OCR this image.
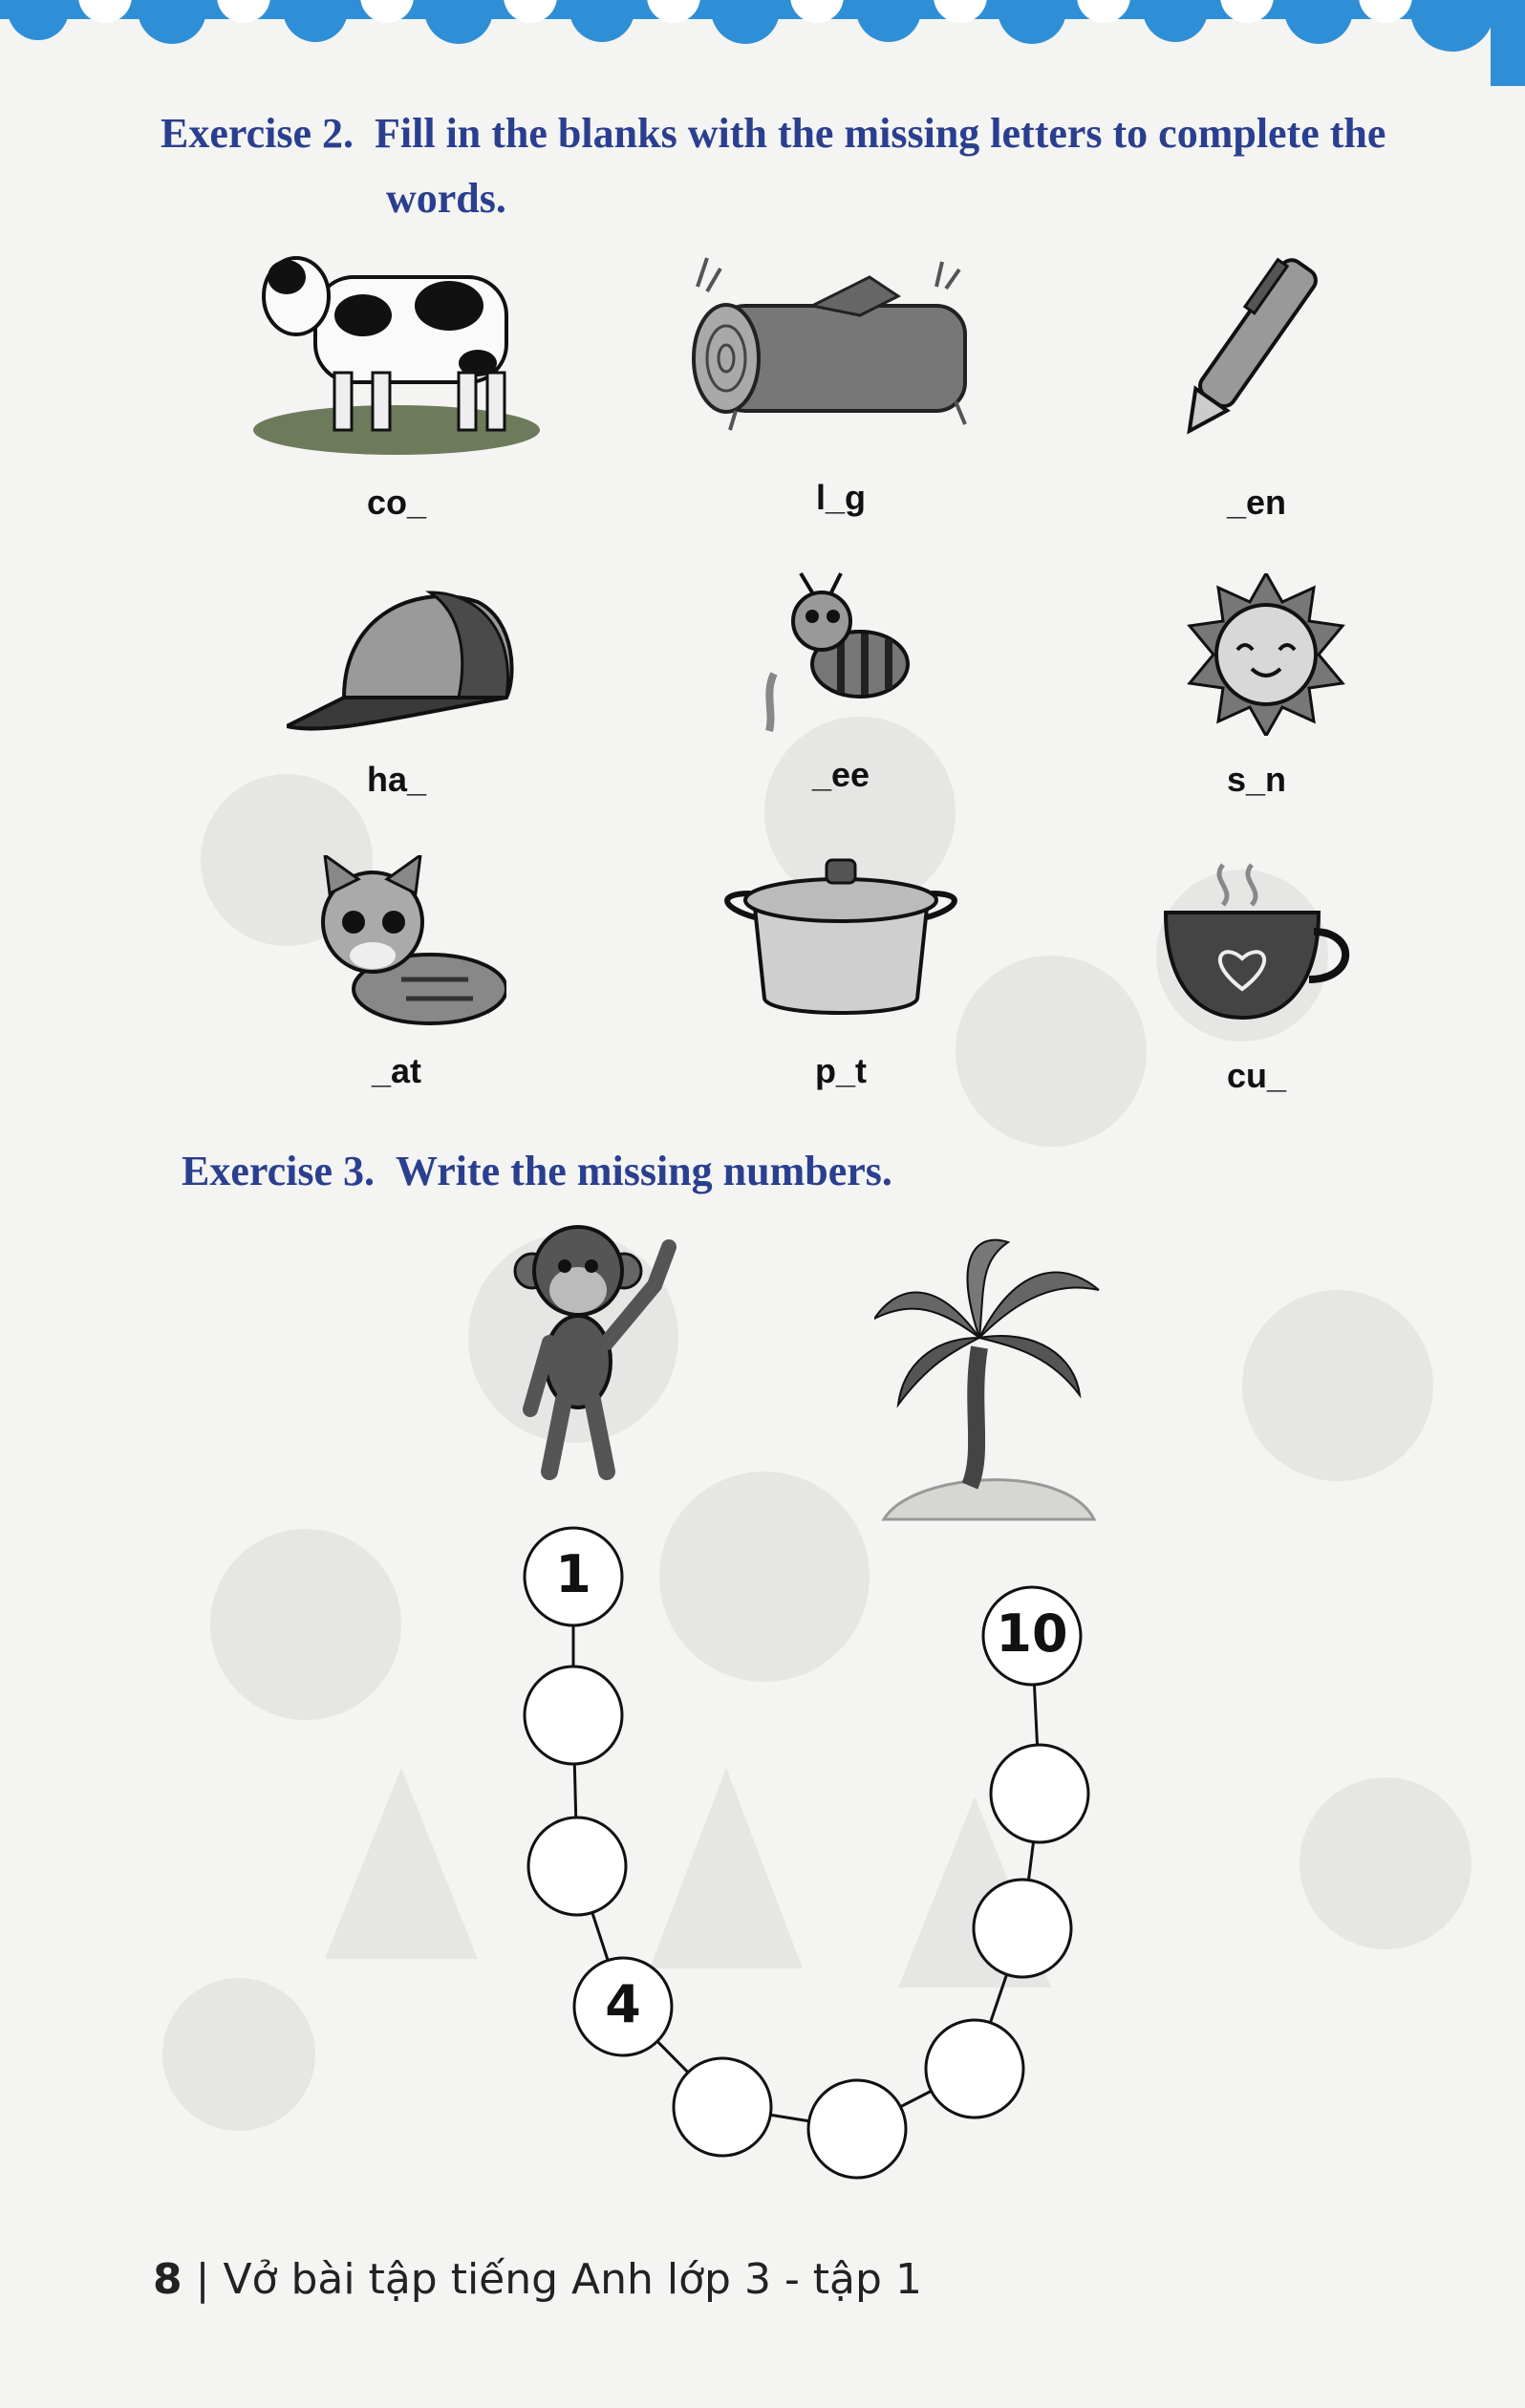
Exercise 2. Fill in the blanks with the missing letters to complete the
words.
co_	l_g	_en
ha_	_ee	s_n
_at	p_t	cu_
Exercise 3. Write the missing numbers.
1
4
10
8 | Vở bài tập tiếng Anh lớp 3 - tập 1
